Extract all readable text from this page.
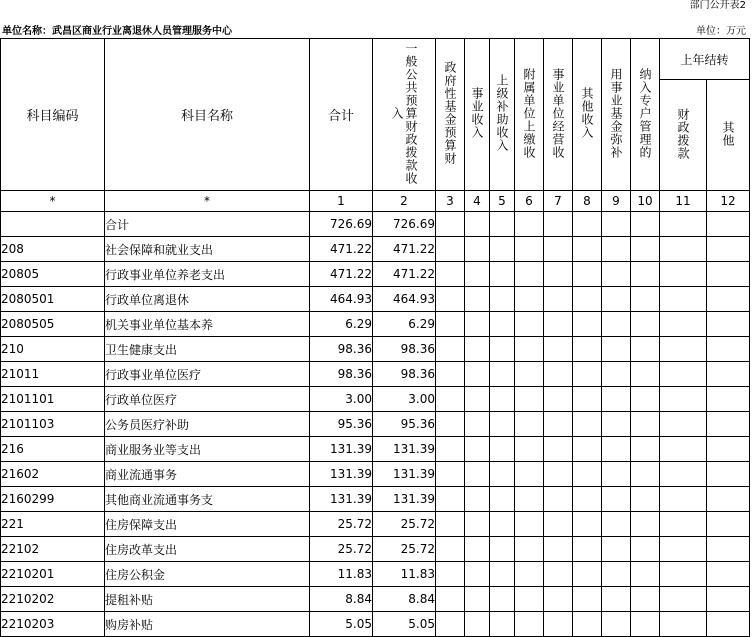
部门公开表2
单位名称：武昌区商业行业离退休人员管理服务中心	单位：万元
科目编码	科目名称	合计	一般公共预算财政拨款收入	政府性基金预算财	事业收入	上级补助收入	附属单位上缴收	事业单位经营收	其他收入	用事业基金弥补	纳入专户管理的	上年结转	
												财政拨款	其他
*	*	1	2	3	4	5	6	7	8	9	10	11	12
	合计	726.69	726.69										
208	社会保障和就业支出	471.22	471.22										
20805	行政事业单位养老支出	471.22	471.22										
2080501	行政单位离退休	464.93	464.93										
2080505	机关事业单位基本养	6.29	6.29										
210	卫生健康支出	98.36	98.36										
21011	行政事业单位医疗	98.36	98.36										
2101101	行政单位医疗	3.00	3.00										
2101103	公务员医疗补助	95.36	95.36										
216	商业服务业等支出	131.39	131.39										
21602	商业流通事务	131.39	131.39										
2160299	其他商业流通事务支	131.39	131.39										
221	住房保障支出	25.72	25.72										
22102	住房改革支出	25.72	25.72										
2210201	住房公积金	11.83	11.83										
2210202	提租补贴	8.84	8.84										
2210203	购房补贴	5.05	5.05										
